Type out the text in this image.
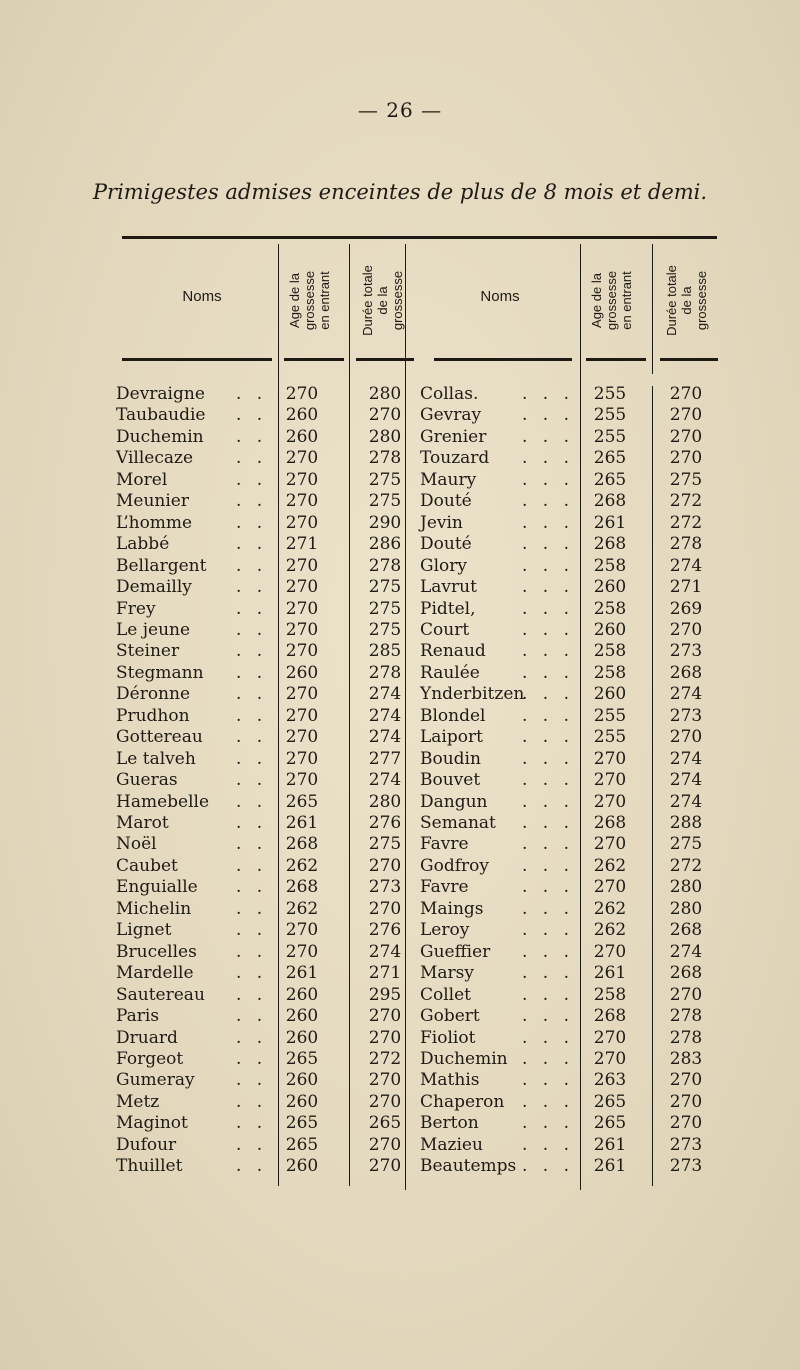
— 26 —
Primigestes admises enceintes de plus de 8 mois et demi.
Noms	Age de la grossesse en entrant Durée totale de la grossesse	Noms	Age de la grossesse en entrant Durée totale de la grossesse
Devraigne	270	280	Collas.	255	270
. .	. . .
Taubaudie	260	270	Gevray	255	270
. .	. . .
Duchemin	260	280	Grenier	255	270
. .	. . .
Villecaze	270	278	Touzard	265	270
. .	. . .
Morel	270	275	Maury	265	275
. .	. . .
Meunier	270	275	Douté	268	272
. .	. . .
L’homme	270	290	Jevin	261	272
. .	. . .
Labbé	271	286	Douté	268	278
. .	. . .
Bellargent	270	278	Glory	258	274
. .	. . .
Demailly	270	275	Lavrut	260	271
. .	. . .
Frey	270	275	Pidtel,	258	269
. .	. . .
Le jeune	270	275	Court	260	270
. .	. . .
Steiner	270	285	Renaud	258	273
. .	. . .
Stegmann	260	278	Raulée	258	268
. .	. . .
Déronne	270	274	Ynderbitzen	260	274
. .	. . .
Prudhon	270	274	Blondel	255	273
. .	. . .
Gottereau	270	274	Laiport	255	270
. .	. . .
Le talveh	270	277	Boudin	270	274
. .	. . .
Gueras	270	274	Bouvet	270	274
. .	. . .
Hamebelle	265	280	Dangun	270	274
. .	. . .
Marot	261	276	Semanat	268	288
. .	. . .
Noël	268	275	Favre	270	275
. .	. . .
Caubet	262	270	Godfroy	262	272
. .	. . .
Enguialle	268	273	Favre	270	280
. .	. . .
Michelin	262	270	Maings	262	280
. .	. . .
Lignet	270	276	Leroy	262	268
. .	. . .
Brucelles	270	274	Gueffier	270	274
. .	. . .
Mardelle	261	271	Marsy	261	268
. .	. . .
Sautereau	260	295	Collet	258	270
. .	. . .
Paris	260	270	Gobert	268	278
. .	. . .
Druard	260	270	Fioliot	270	278
. .	. . .
Forgeot	265	272	Duchemin	270	283
. .	. . .
Gumeray	260	270	Mathis	263	270
. .	. . .
Metz	260	270	Chaperon	265	270
. .	. . .
Maginot	265	265	Berton	265	270
. .	. . .
Dufour	265	270	Mazieu	261	273
. .	. . .
Thuillet	260	270	Beautemps	261	273
. .	. . .
